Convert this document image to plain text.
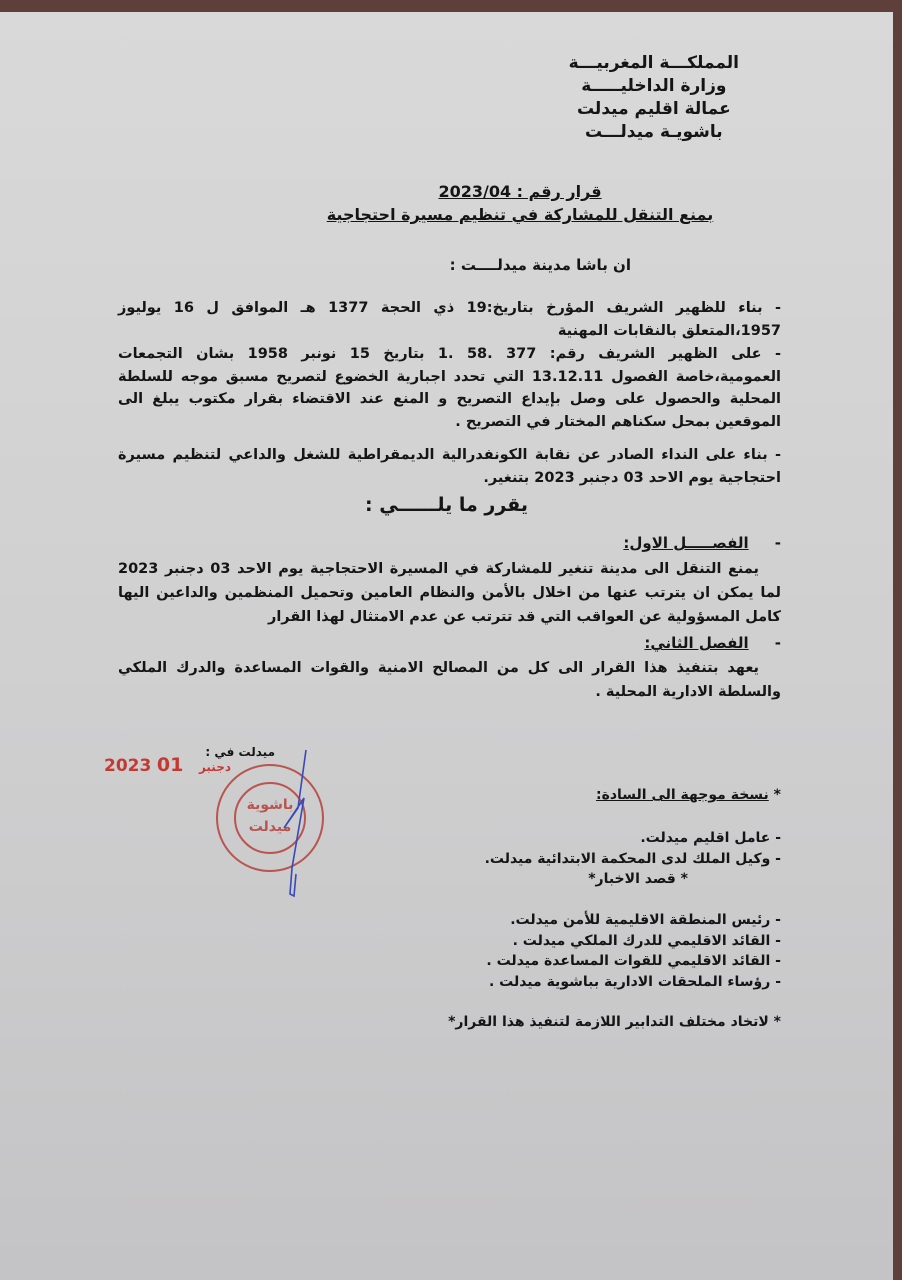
المملكـــة المغربيـــة
وزارة الداخليـــــة
عمالة اقليم ميدلت
باشويـة ميدلـــت
قرار رقم : 2023/04
بمنع التنقل للمشاركة في تنظيم مسيرة احتجاجية
ان باشا مدينة ميدلــــت :
- بناء للظهير الشريف المؤرخ بتاريخ:19 ذي الحجة 1377 هـ الموافق ل 16 يوليوز 1957،المتعلق بالنقابات المهنية
- على الظهير الشريف رقم: 377 .58 .1 بتاريخ 15 نونبر 1958 بشان التجمعات العمومية،خاصة الفصول 13.12.11 التي تحدد اجبارية الخضوع لتصريح مسبق موجه للسلطة المحلية والحصول على وصل بإيداع التصريح و المنع عند الاقتضاء بقرار مكتوب يبلغ الى الموقعين بمحل سكناهم المختار في التصريح .
- بناء على النداء الصادر عن نقابة الكونفدرالية الديمقراطية للشغل والداعي لتنظيم مسيرة احتجاجية يوم الاحد 03 دجنبر 2023 بتنغير.
يقرر ما يلــــــي :
-     الفصـــــل الاول:
يمنع التنقل الى مدينة تنغير للمشاركة في المسيرة الاحتجاجية يوم الاحد 03 دجنبر 2023 لما يمكن ان يترتب عنها من اخلال بالأمن والنظام العامين وتحميل المنظمين والداعين اليها كامل المسؤولية عن العواقب التي قد تترتب عن عدم الامتثال لهذا القرار
-     الفصل الثاني:
يعهد بتنفيذ هذا القرار الى كل من المصالح الامنية والقوات المساعدة والدرك الملكي والسلطة الادارية المحلية .
ميدلت في :
2023	دجنبر 01
باشوية
ميدلت
* نسخة موجهة الى السادة:
- عامل اقليم ميدلت.
- وكيل الملك لدى المحكمة الابتدائية ميدلت.
* قصد الاخبار*
- رئيس المنطقة الاقليمية للأمن ميدلت.
- القائد الاقليمي للدرك الملكي ميدلت .
- القائد الاقليمي للقوات المساعدة ميدلت .
- رؤساء الملحقات الادارية بباشوية ميدلت .
* لاتخاد مختلف التدابير اللازمة لتنفيذ هذا القرار*
